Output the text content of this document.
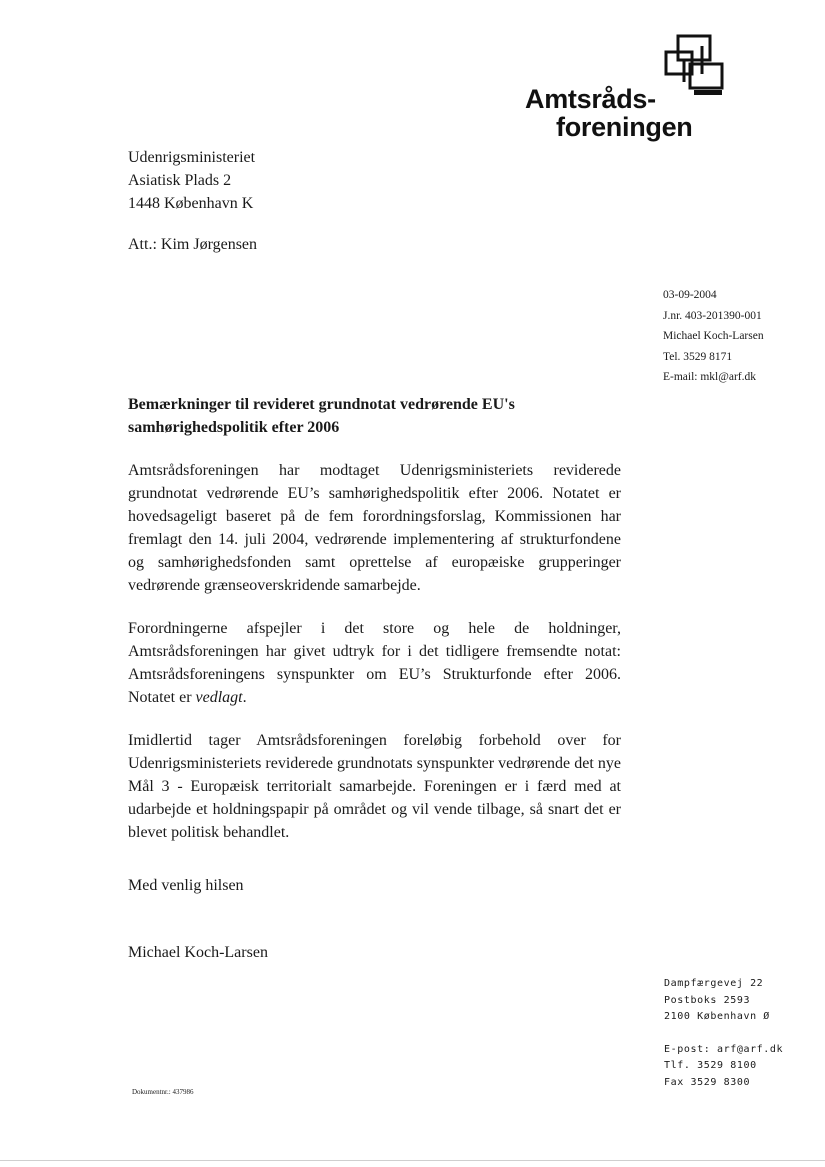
Amtsråds-
foreningen
Udenrigsministeriet
Asiatisk Plads 2
1448 København K
Att.: Kim Jørgensen
03-09-2004
J.nr. 403-201390-001
Michael Koch-Larsen
Tel. 3529 8171
E-mail: mkl@arf.dk
Bemærkninger til revideret grundnotat vedrørende EU's samhørighedspolitik efter 2006
Amtsrådsforeningen har modtaget Udenrigsministeriets reviderede grundnotat vedrørende EU’s samhørighedspolitik efter 2006. Notatet er hovedsageligt baseret på de fem forordningsforslag, Kommissionen har fremlagt den 14. juli 2004, vedrørende implementering af strukturfondene og samhørighedsfonden samt oprettelse af europæiske grupperinger vedrørende grænseoverskridende samarbejde.
Forordningerne afspejler i det store og hele de holdninger, Amtsrådsforeningen har givet udtryk for i det tidligere fremsendte notat: Amtsrådsforeningens synspunkter om EU’s Strukturfonde efter 2006. Notatet er vedlagt.
Imidlertid tager Amtsrådsforeningen foreløbig forbehold over for Udenrigsministeriets reviderede grundnotats synspunkter vedrørende det nye Mål 3 - Europæisk territorialt samarbejde. Foreningen er i færd med at udarbejde et holdningspapir på området og vil vende tilbage, så snart det er blevet politisk behandlet.
Med venlig hilsen
Michael Koch-Larsen
Dampfærgevej 22
Postboks 2593
2100 København Ø
E-post: arf@arf.dk
Tlf. 3529 8100
Fax 3529 8300
Dokumentnr.: 437986
